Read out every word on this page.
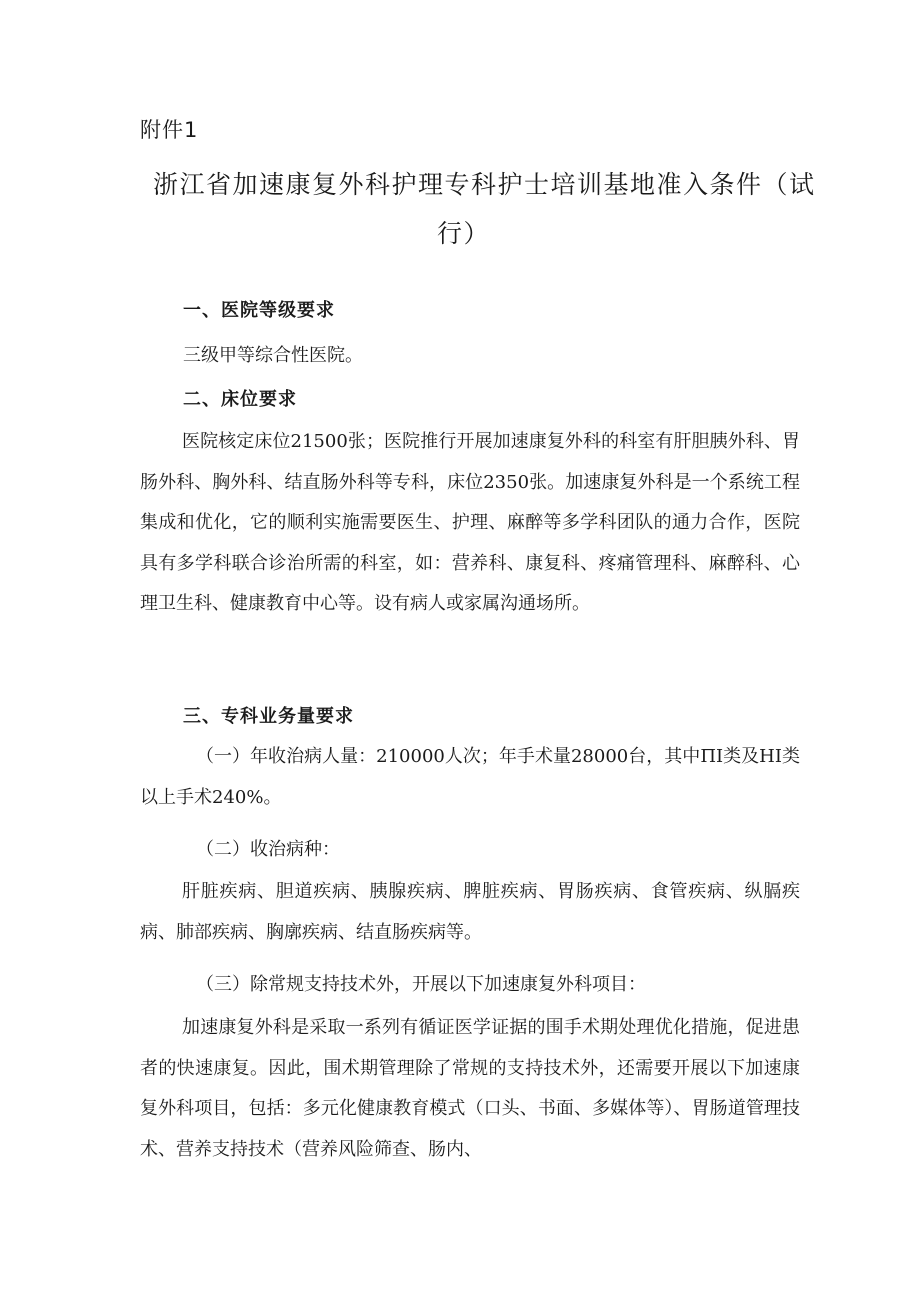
附件1
浙江省加速康复外科护理专科护士培训基地准入条件（试
行）
一、医院等级要求
三级甲等综合性医院。
二、床位要求

医院核定床位21500张；医院推行开展加速康复外科的科室有肝胆胰外科、胃肠外科、胸外科、结直肠外科等专科，床位2350张。加速康复外科是一个系统工程集成和优化，它的顺利实施需要医生、护理、麻醉等多学科团队的通力合作，医院具有多学科联合诊治所需的科室，如：营养科、康复科、疼痛管理科、麻醉科、心理卫生科、健康教育中心等。设有病人或家属沟通场所。

三、专科业务量要求

（一）年收治病人量：210000人次；年手术量28000台，其中ΠI类及HI类以上手术240%。

（二）收治病种：

肝脏疾病、胆道疾病、胰腺疾病、脾脏疾病、胃肠疾病、食管疾病、纵膈疾病、肺部疾病、胸廓疾病、结直肠疾病等。

（三）除常规支持技术外，开展以下加速康复外科项目：

加速康复外科是采取一系列有循证医学证据的围手术期处理优化措施，促进患者的快速康复。因此，围术期管理除了常规的支持技术外，还需要开展以下加速康复外科项目，包括：多元化健康教育模式（口头、书面、多媒体等）、胃肠道管理技术、营养支持技术（营养风险筛查、肠内、
